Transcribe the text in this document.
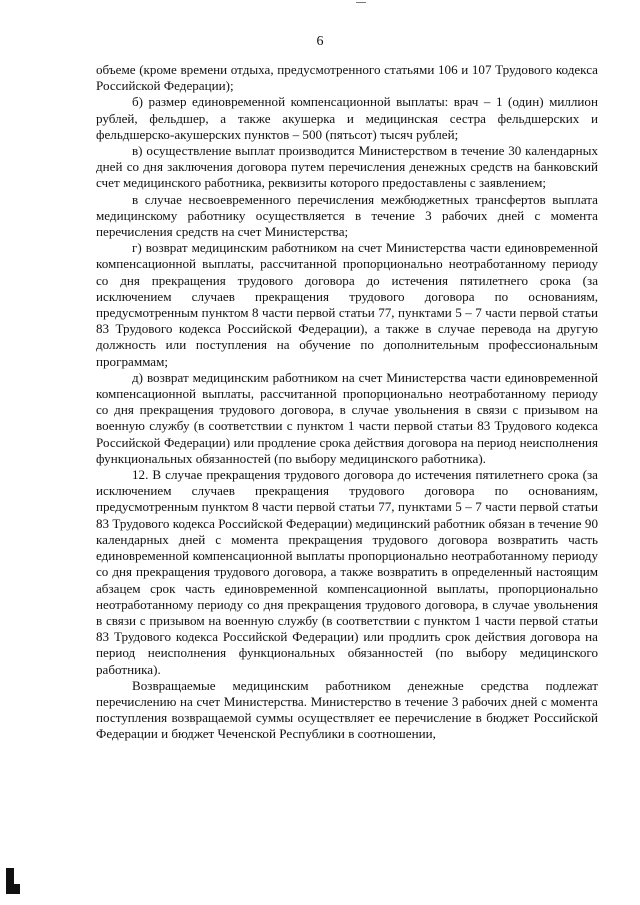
6

объеме (кроме времени отдыха, предусмотренного статьями 106 и 107 Трудового кодекса Российской Федерации);

б) размер единовременной компенсационной выплаты: врач – 1 (один) миллион рублей, фельдшер, а также акушерка и медицинская сестра фельдшерских и фельдшерско-акушерских пунктов – 500 (пятьсот) тысяч рублей;

в) осуществление выплат производится Министерством в течение 30 календарных дней со дня заключения договора путем перечисления денежных средств на банковский счет медицинского работника, реквизиты которого предоставлены с заявлением;

в случае несвоевременного перечисления межбюджетных трансфертов выплата медицинскому работнику осуществляется в течение 3 рабочих дней с момента перечисления средств на счет Министерства;

г) возврат медицинским работником на счет Министерства части единовременной компенсационной выплаты, рассчитанной пропорционально неотработанному периоду со дня прекращения трудового договора до истечения пятилетнего срока (за исключением случаев прекращения трудового договора по основаниям, предусмотренным пунктом 8 части первой статьи 77, пунктами 5 – 7 части первой статьи 83 Трудового кодекса Российской Федерации), а также в случае перевода на другую должность или поступления на обучение по дополнительным профессиональным программам;

д) возврат медицинским работником на счет Министерства части единовременной компенсационной выплаты, рассчитанной пропорционально неотработанному периоду со дня прекращения трудового договора, в случае увольнения в связи с призывом на военную службу (в соответствии с пунктом 1 части первой статьи 83 Трудового кодекса Российской Федерации) или продление срока действия договора на период неисполнения функциональных обязанностей (по выбору медицинского работника).

12. В случае прекращения трудового договора до истечения пятилетнего срока (за исключением случаев прекращения трудового договора по основаниям, предусмотренным пунктом 8 части первой статьи 77, пунктами 5 – 7 части первой статьи 83 Трудового кодекса Российской Федерации) медицинский работник обязан в течение 90 календарных дней с момента прекращения трудового договора возвратить часть единовременной компенсационной выплаты пропорционально неотработанному периоду со дня прекращения трудового договора, а также возвратить в определенный настоящим абзацем срок часть единовременной компенсационной выплаты, пропорционально неотработанному периоду со дня прекращения трудового договора, в случае увольнения в связи с призывом на военную службу (в соответствии с пунктом 1 части первой статьи 83 Трудового кодекса Российской Федерации) или продлить срок действия договора на период неисполнения функциональных обязанностей (по выбору медицинского работника).

Возвращаемые медицинским работником денежные средства подлежат перечислению на счет Министерства. Министерство в течение 3 рабочих дней с момента поступления возвращаемой суммы осуществляет ее перечисление в бюджет Российской Федерации и бюджет Чеченской Республики в соотношении,
